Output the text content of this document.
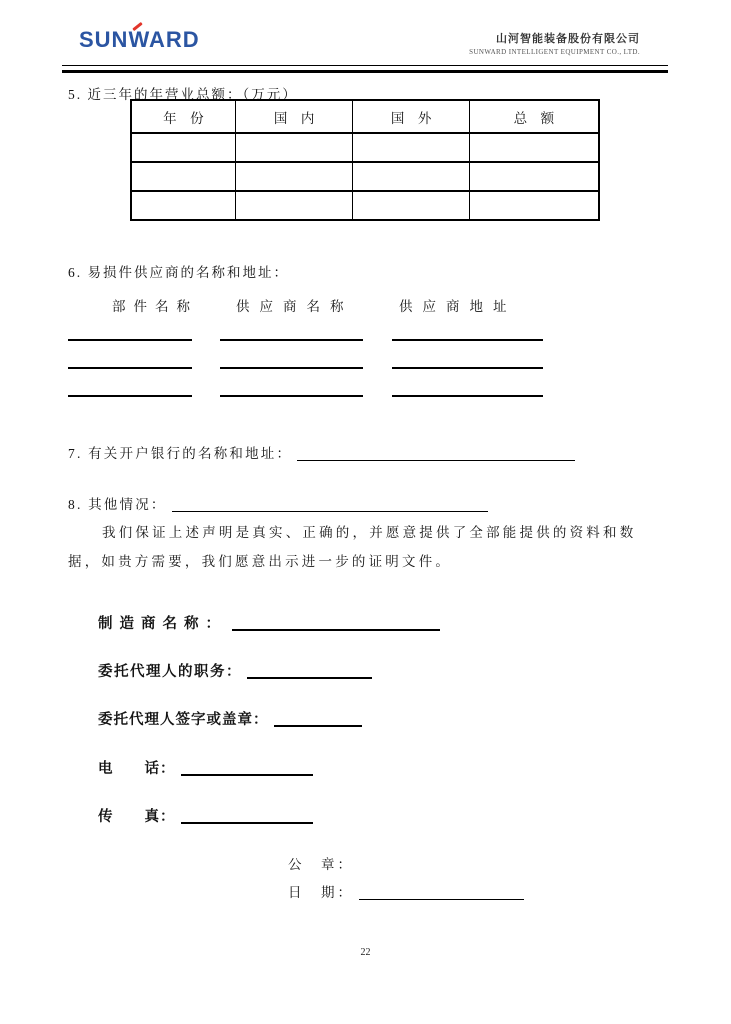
SUNWARD	山河智能装备股份有限公司
SUNWARD INTELLIGENT EQUIPMENT CO., LTD.
5. 近三年的年营业总额：（万元）
年　份	国　内	国　外	总　额

6. 易损件供应商的名称和地址：
部件名称	供应商名称	供应商地址
7. 有关开户银行的名称和地址：
8. 其他情况：
我们保证上述声明是真实、正确的，并愿意提供了全部能提供的资料和数据，如贵方需要，我们愿意出示进一步的证明文件。
制造商名称：
委托代理人的职务：
委托代理人签字或盖章：
电　　话：
传　　真：
公　章：
日　期：
22
